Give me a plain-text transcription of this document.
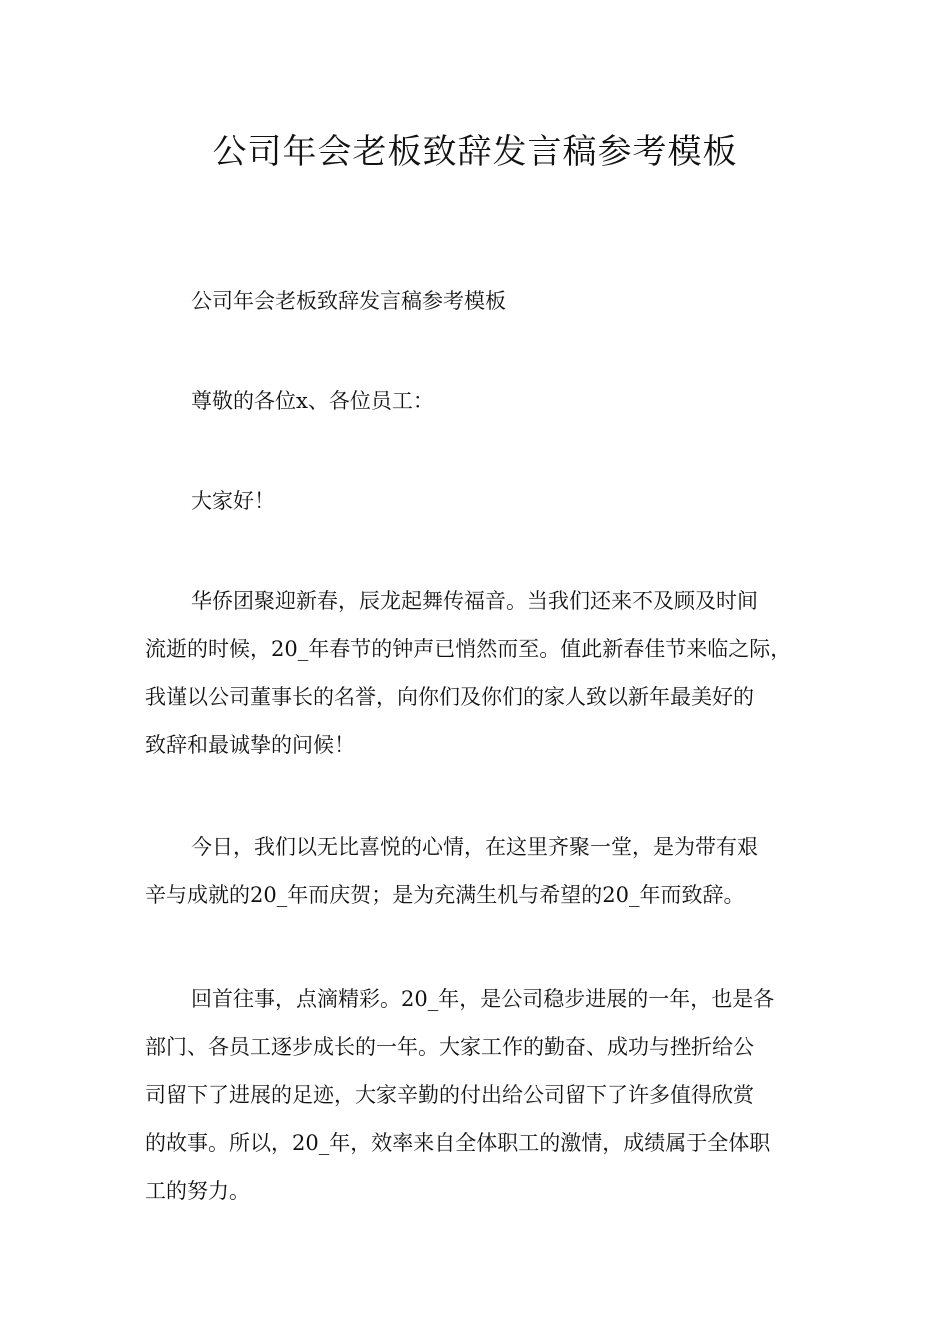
公司年会老板致辞发言稿参考模板
公司年会老板致辞发言稿参考模板
尊敬的各位x、各位员工：
大家好！
华侨团聚迎新春，辰龙起舞传福音。当我们还来不及顾及时间
流逝的时候，20_年春节的钟声已悄然而至。值此新春佳节来临之际，
我谨以公司董事长的名誉，向你们及你们的家人致以新年最美好的
致辞和最诚挚的问候！
今日，我们以无比喜悦的心情，在这里齐聚一堂，是为带有艰
辛与成就的20_年而庆贺；是为充满生机与希望的20_年而致辞。
回首往事，点滴精彩。20_年，是公司稳步进展的一年，也是各
部门、各员工逐步成长的一年。大家工作的勤奋、成功与挫折给公
司留下了进展的足迹，大家辛勤的付出给公司留下了许多值得欣赏
的故事。所以，20_年，效率来自全体职工的激情，成绩属于全体职
工的努力。
